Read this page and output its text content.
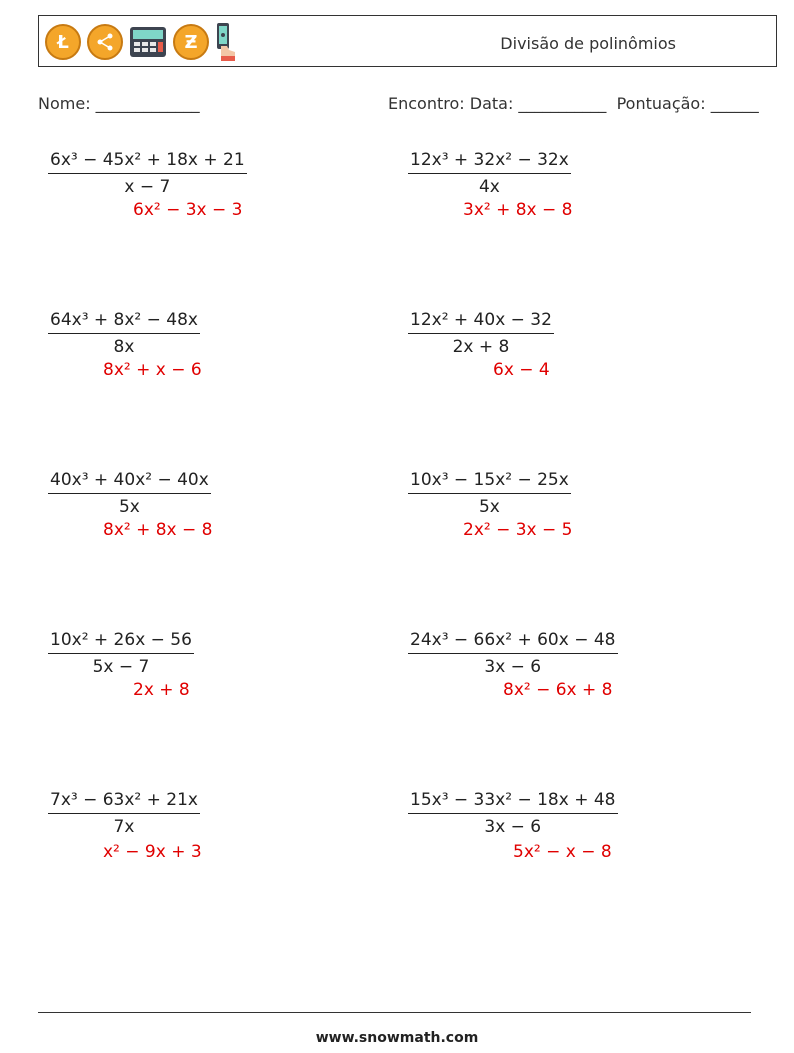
Ł	Ƶ	Divisão de polinômios
Nome: _____________	Encontro: Data: ___________  Pontuação: ______
$\frac{\text{6x³ − 45x² + 18x + 21}}{x - 7}$
6x² − 3x − 3
$\frac{\text{12x³ + 32x² − 32x}}{4x}$
3x² + 8x − 8
$\frac{\text{64x³ + 8x² − 48x}}{8x}$
8x² + x − 6
$\frac{\text{12x² + 40x − 32}}{2x + 8}$
6x − 4
$\frac{\text{40x³ + 40x² − 40x}}{5x}$
8x² + 8x − 8
$\frac{\text{10x³ − 15x² − 25x}}{5x}$
2x² − 3x − 5
$\frac{\text{10x² + 26x − 56}}{5x - 7}$
2x + 8
$\frac{\text{24x³ − 66x² + 60x − 48}}{3x - 6}$
8x² − 6x + 8
$\frac{\text{7x³ − 63x² + 21x}}{7x}$
x² − 9x + 3
$\frac{\text{15x³ − 33x² − 18x + 48}}{3x - 6}$
5x² − x − 8
www.snowmath.com
